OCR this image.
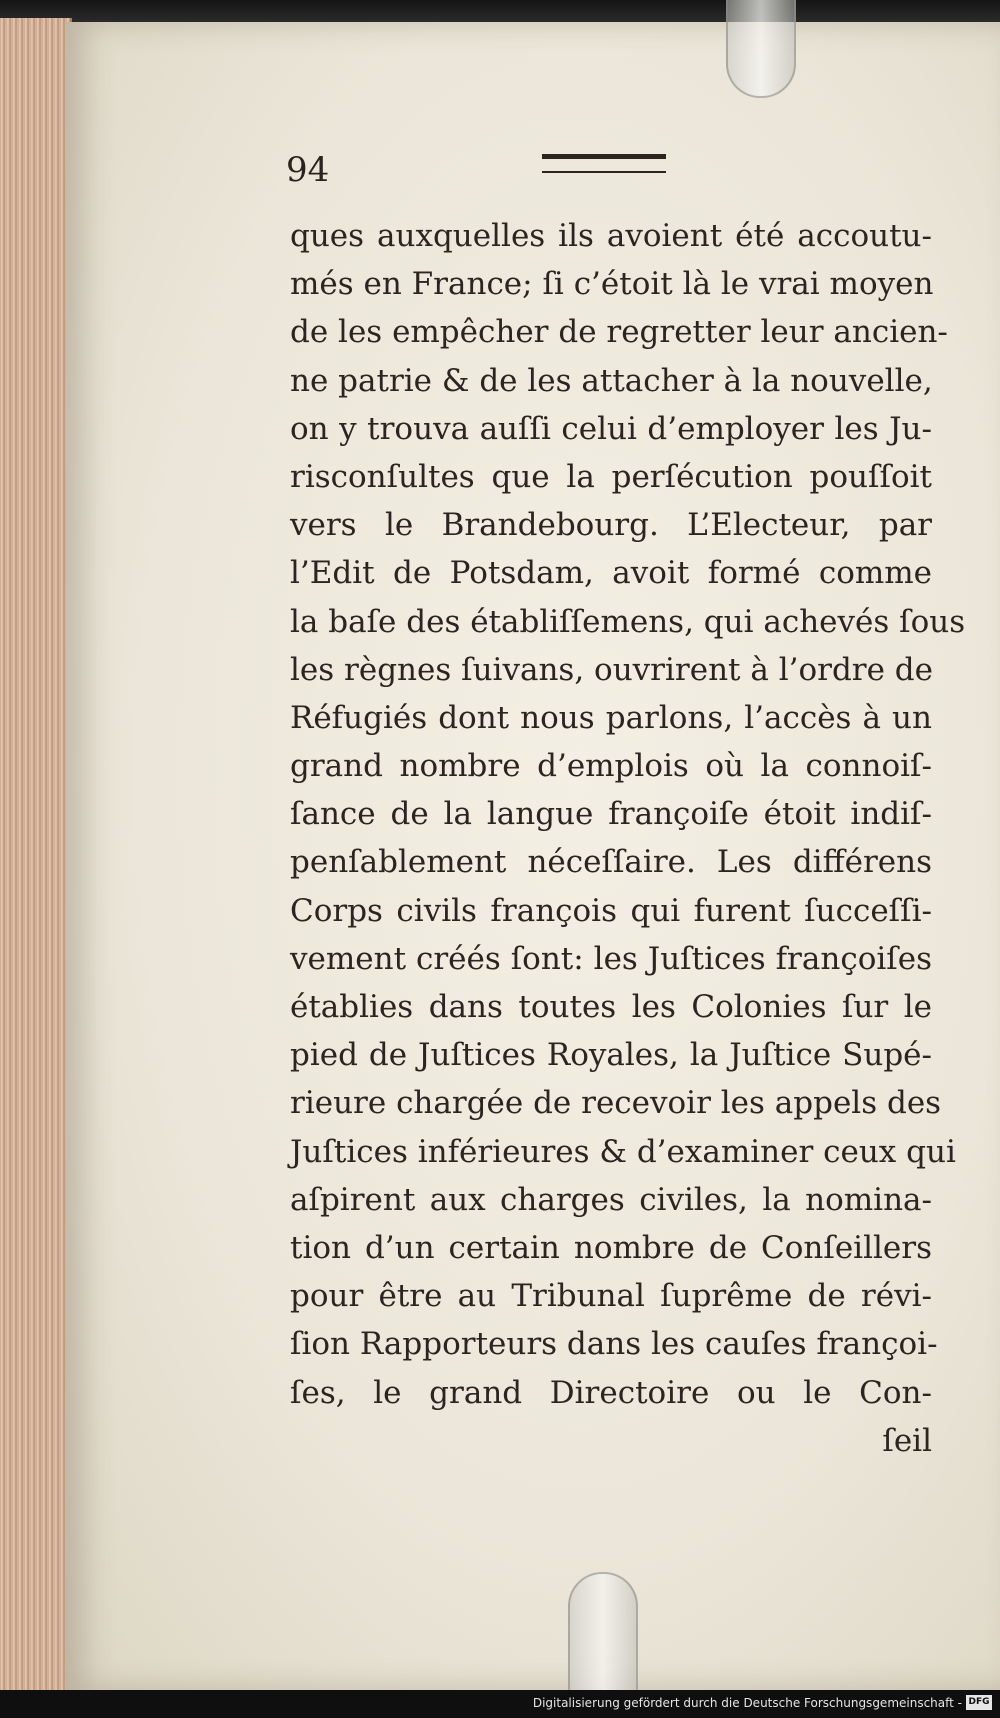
94
ques auxquelles ils avoient été accoutu-
més en France; ſi c’étoit là le vrai moyen
de les empêcher de regretter leur ancien-
ne patrie & de les attacher à la nouvelle,
on y trouva auſſi celui d’employer les Ju-
risconſultes que la perſécution pouſſoit
vers le Brandebourg. L’Electeur, par
l’Edit de Potsdam, avoit formé comme
la baſe des établiſſemens, qui achevés ſous
les règnes ſuivans, ouvrirent à l’ordre de
Réfugiés dont nous parlons, l’accès à un
grand nombre d’emplois où la connoiſ-
ſance de la langue françoiſe étoit indiſ-
penſablement néceſſaire. Les différens
Corps civils françois qui furent ſucceſſi-
vement créés ſont: les Juſtices françoiſes
établies dans toutes les Colonies ſur le
pied de Juſtices Royales, la Juſtice Supé-
rieure chargée de recevoir les appels des
Juſtices inférieures & d’examiner ceux qui
aſpirent aux charges civiles, la nomina-
tion d’un certain nombre de Conſeillers
pour être au Tribunal ſuprême de révi-
ſion Rapporteurs dans les cauſes françoi-
ſes, le grand Directoire ou le Con-
ſeil
Digitalisierung gefördert durch die Deutsche Forschungsgemeinschaft - DFG
